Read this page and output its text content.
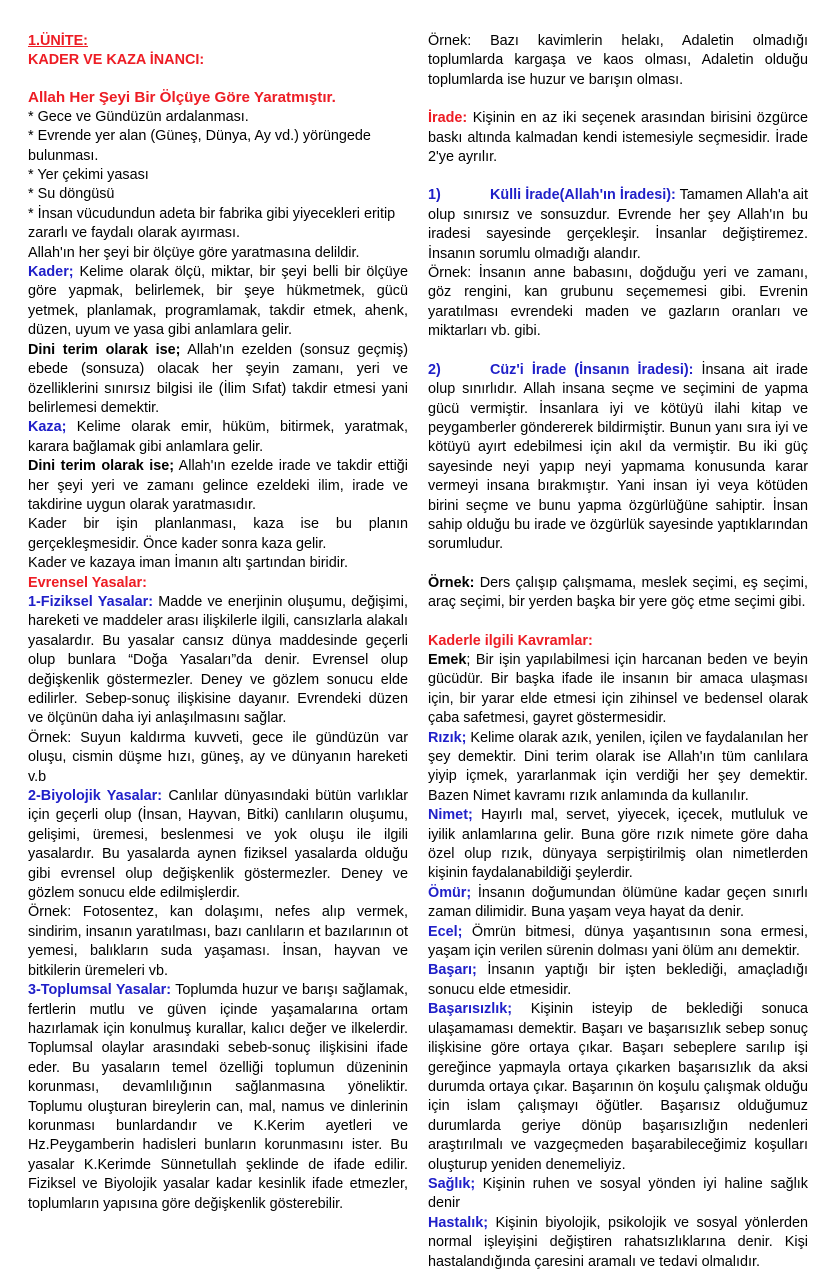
1.ÜNİTE:
KADER VE KAZA İNANCI:
Allah Her Şeyi Bir Ölçüye Göre Yaratmıştır.

* Gece ve Gündüzün ardalanması.

* Evrende yer alan (Güneş, Dünya, Ay vd.) yörüngede bulunması.

* Yer çekimi yasası

* Su döngüsü

* İnsan vücudundun adeta bir fabrika gibi yiyecekleri eritip zararlı ve faydalı olarak ayırması.

Allah'ın her şeyi bir ölçüye göre yaratmasına delildir.

Kader; Kelime olarak ölçü, miktar, bir şeyi belli bir ölçüye göre yapmak, belirlemek, bir şeye hükmetmek, gücü yetmek, planlamak, programlamak, takdir etmek, ahenk, düzen, uyum ve yasa gibi anlamlara gelir.

Dini terim olarak ise; Allah'ın ezelden (sonsuz geçmiş) ebede (sonsuza) olacak her şeyin zamanı, yeri ve özelliklerini sınırsız bilgisi ile (İlim Sıfat) takdir etmesi yani belirlemesi demektir.

Kaza; Kelime olarak emir, hüküm, bitirmek, yaratmak, karara bağlamak gibi anlamlara gelir.

Dini terim olarak ise; Allah'ın ezelde irade ve takdir ettiği her şeyi yeri ve zamanı gelince ezeldeki ilim, irade ve takdirine uygun olarak yaratmasıdır.

Kader bir işin planlanması, kaza ise bu planın gerçekleşmesidir. Önce kader sonra kaza gelir.

Kader ve kazaya iman İmanın altı şartından biridir.

Evrensel Yasalar:

1-Fiziksel Yasalar: Madde ve enerjinin oluşumu, değişimi, hareketi ve maddeler arası ilişkilerle ilgili, cansızlarla alakalı yasalardır. Bu yasalar cansız dünya maddesinde geçerli olup bunlara “Doğa Yasaları”da denir. Evrensel olup değişkenlik göstermezler. Deney ve gözlem sonucu elde edilirler. Sebep-sonuç ilişkisine dayanır. Evrendeki düzen ve ölçünün daha iyi anlaşılmasını sağlar.

Örnek: Suyun kaldırma kuvveti, gece ile gündüzün var oluşu, cismin düşme hızı, güneş, ay ve dünyanın hareketi v.b

2-Biyolojik Yasalar: Canlılar dünyasındaki bütün varlıklar için geçerli olup (İnsan, Hayvan, Bitki) canlıların oluşumu, gelişimi, üremesi, beslenmesi ve yok oluşu ile ilgili yasalardır. Bu yasalarda aynen fiziksel yasalarda olduğu gibi evrensel olup değişkenlik göstermezler. Deney ve gözlem sonucu elde edilmişlerdir.

Örnek: Fotosentez, kan dolaşımı, nefes alıp vermek, sindirim, insanın yaratılması, bazı canlıların et bazılarının ot yemesi, balıkların suda yaşaması. İnsan, hayvan ve bitkilerin üremeleri vb.

3-Toplumsal Yasalar: Toplumda huzur ve barışı sağlamak, fertlerin mutlu ve güven içinde yaşamalarına ortam hazırlamak için konulmuş kurallar, kalıcı değer ve ilkelerdir. Toplumsal olaylar arasındaki sebeb-sonuç ilişkisini ifade eder. Bu yasaların temel özelliği toplumun düzeninin korunması, devamlılığının sağlanmasına yöneliktir. Toplumu oluşturan bireylerin can, mal, namus ve dinlerinin korunması bunlardandır ve K.Kerim ayetleri ve Hz.Peygamberin hadisleri bunların korunmasını ister. Bu yasalar K.Kerimde Sünnetullah şeklinde de ifade edilir. Fiziksel ve Biyolojik yasalar kadar kesinlik ifade etmezler, toplumların yapısına göre değişkenlik gösterebilir.

Örnek: Bazı kavimlerin helakı, Adaletin olmadığı toplumlarda kargaşa ve kaos olması, Adaletin olduğu toplumlarda ise huzur ve barışın olması.

İrade: Kişinin en az iki seçenek arasından birisini özgürce baskı altında kalmadan kendi istemesiyle seçmesidir. İrade 2'ye ayrılır.

1)	Külli İrade(Allah'ın İradesi): Tamamen Allah'a ait olup sınırsız ve sonsuzdur. Evrende her şey Allah'ın bu iradesi sayesinde gerçekleşir. İnsanlar değiştiremez. İnsanın sorumlu olmadığı alandır.

Örnek: İnsanın anne babasını, doğduğu yeri ve zamanı, göz rengini, kan grubunu seçememesi gibi. Evrenin yaratılması evrendeki maden ve gazların oranları ve miktarları vb. gibi.

2)	Cüz'i İrade (İnsanın İradesi): İnsana ait irade olup sınırlıdır. Allah insana seçme ve seçimini de yapma gücü vermiştir. İnsanlara iyi ve kötüyü ilahi kitap ve peygamberler göndererek bildirmiştir. Bunun yanı sıra iyi ve kötüyü ayırt edebilmesi için akıl da vermiştir. Bu iki güç sayesinde neyi yapıp neyi yapmama konusunda karar vermeyi insana bırakmıştır. Yani insan iyi veya kötüden birini seçme ve bunu yapma özgürlüğüne sahiptir. İnsan sahip olduğu bu irade ve özgürlük sayesinde yaptıklarından sorumludur.

Örnek: Ders çalışıp çalışmama, meslek seçimi, eş seçimi, araç seçimi, bir yerden başka bir yere göç etme seçimi gibi.

Kaderle ilgili Kavramlar:

Emek; Bir işin yapılabilmesi için harcanan beden ve beyin gücüdür. Bir başka ifade ile insanın bir amaca ulaşması için, bir yarar elde etmesi için zihinsel ve bedensel olarak çaba safetmesi, gayret göstermesidir.

Rızık; Kelime olarak azık, yenilen, içilen ve faydalanılan her şey demektir. Dini terim olarak ise Allah'ın tüm canlılara yiyip içmek, yararlanmak için verdiği her şey demektir. Bazen Nimet kavramı rızık anlamında da kullanılır.

Nimet; Hayırlı mal, servet, yiyecek, içecek, mutluluk ve iyilik anlamlarına gelir. Buna göre rızık nimete göre daha özel olup rızık, dünyaya serpiştirilmiş olan nimetlerden kişinin faydalanabildiği şeylerdir.

Ömür; İnsanın doğumundan ölümüne kadar geçen sınırlı zaman dilimidir. Buna yaşam veya hayat da denir.

Ecel; Ömrün bitmesi, dünya yaşantısının sona ermesi, yaşam için verilen sürenin dolması yani ölüm anı demektir.

Başarı; İnsanın yaptığı bir işten beklediği, amaçladığı sonucu elde etmesidir.

Başarısızlık; Kişinin isteyip de beklediği sonuca ulaşamaması demektir. Başarı ve başarısızlık sebep sonuç ilişkisine göre ortaya çıkar. Başarı sebeplere sarılıp işi gereğince yapmayla ortaya çıkarken başarısızlık da aksi durumda ortaya çıkar. Başarının ön koşulu çalışmak olduğu için islam çalışmayı öğütler. Başarısız olduğumuz durumlarda geriye dönüp başarısızlığın nedenleri araştırılmalı ve vazgeçmeden başarabileceğimiz koşulları oluşturup yeniden denemeliyiz.

Sağlık; Kişinin ruhen ve sosyal yönden iyi haline sağlık denir

Hastalık; Kişinin biyolojik, psikolojik ve sosyal yönlerden normal işleyişini değiştiren rahatsızlıklarına denir. Kişi hastalandığında çaresini aramalı ve tedavi olmalıdır.
